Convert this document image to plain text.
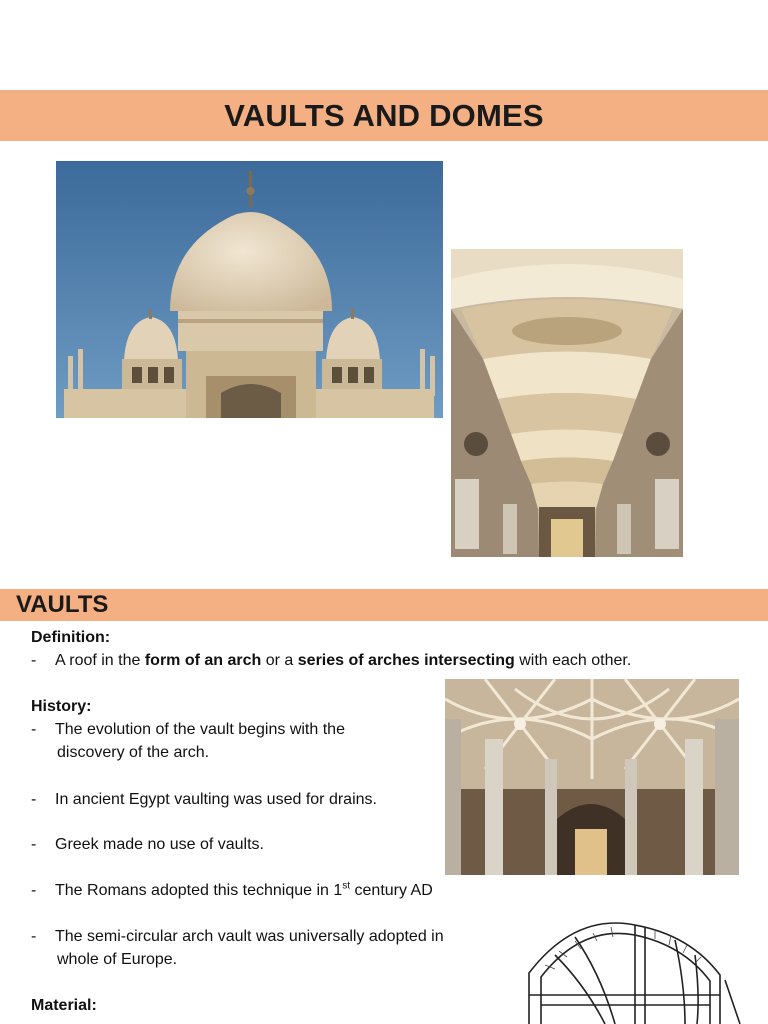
VAULTS AND DOMES
VAULTS
Definition:
- A roof in the form of an arch or a series of arches intersecting with each other.
History:
- The evolution of the vault begins with the
discovery of the arch.
- In ancient Egypt vaulting was used for drains.
- Greek made no use of vaults.
- The Romans adopted this technique in 1st century AD
- The semi-circular arch vault was universally adopted in
whole of Europe.
Material:
